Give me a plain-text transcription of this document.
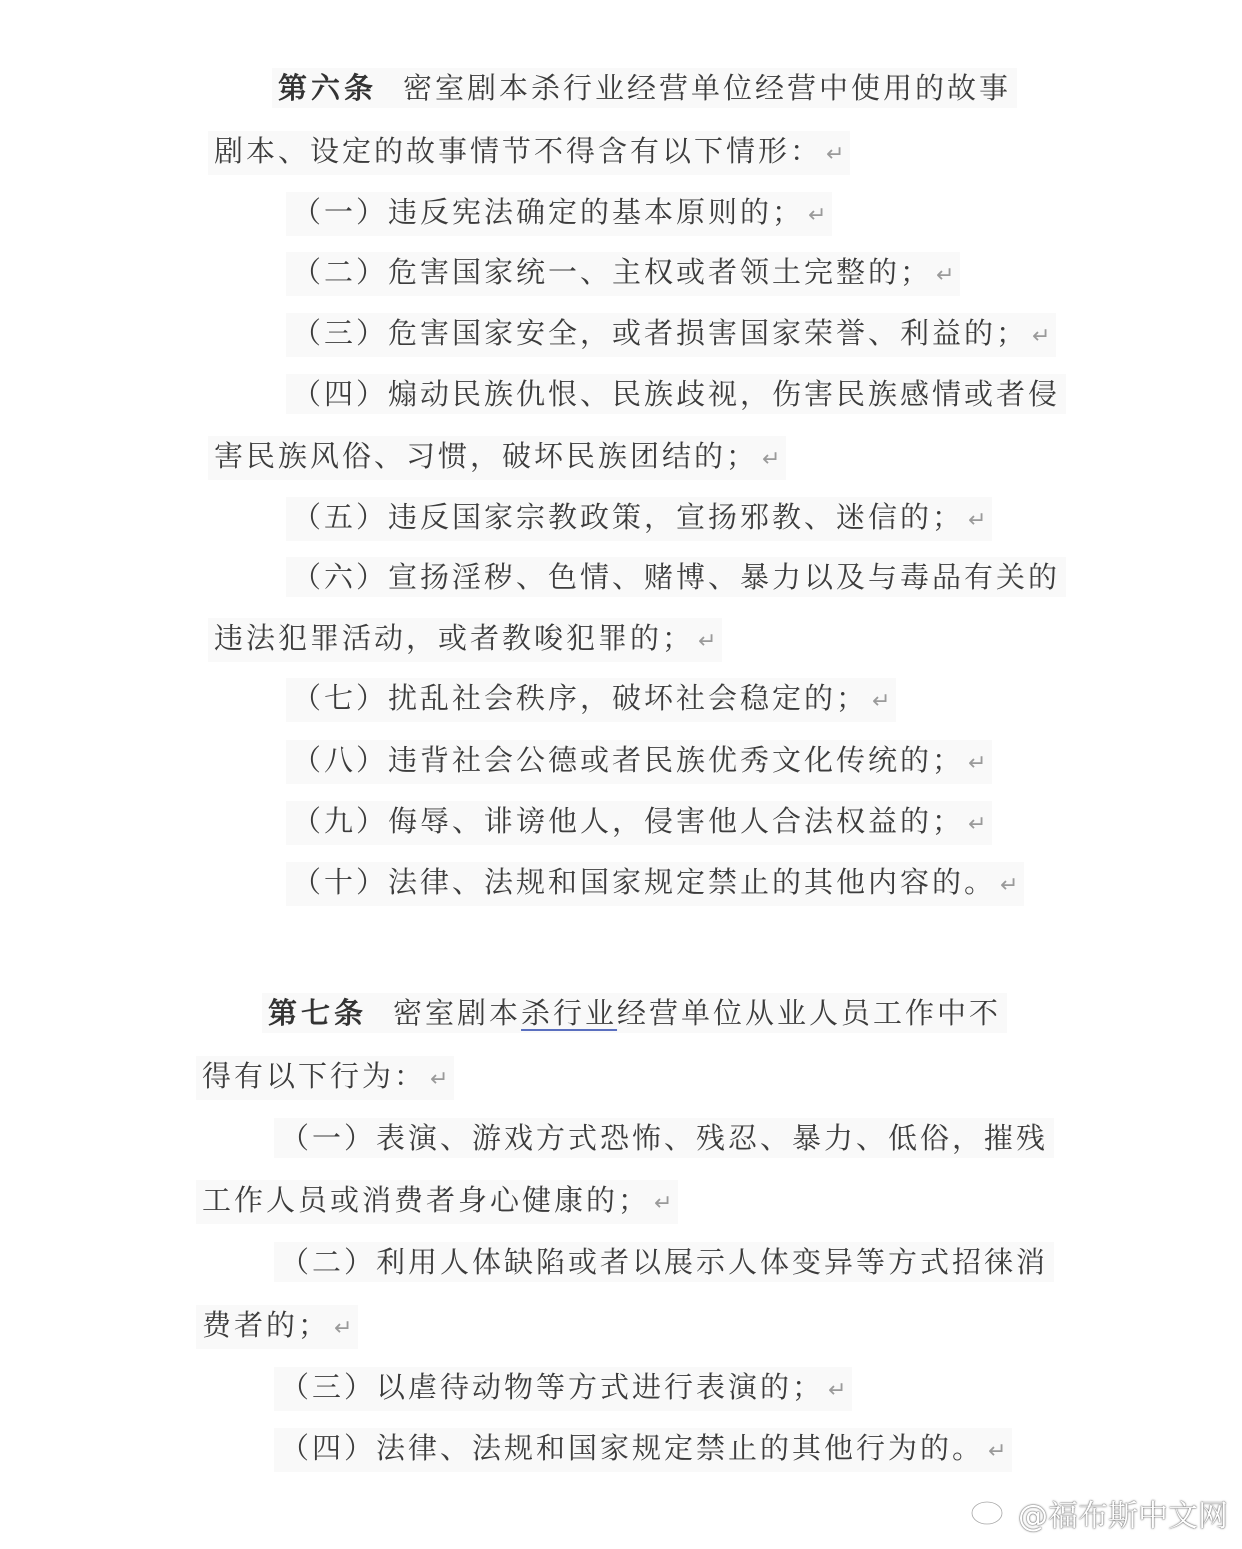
第六条 密室剧本杀行业经营单位经营中使用的故事
剧本、设定的故事情节不得含有以下情形： ↵
（一）违反宪法确定的基本原则的； ↵
（二）危害国家统一、主权或者领土完整的； ↵
（三）危害国家安全，或者损害国家荣誉、利益的； ↵
（四）煽动民族仇恨、民族歧视，伤害民族感情或者侵
害民族风俗、习惯，破坏民族团结的； ↵
（五）违反国家宗教政策，宣扬邪教、迷信的； ↵
（六）宣扬淫秽、色情、赌博、暴力以及与毒品有关的
违法犯罪活动，或者教唆犯罪的； ↵
（七）扰乱社会秩序，破坏社会稳定的； ↵
（八）违背社会公德或者民族优秀文化传统的； ↵
（九）侮辱、诽谤他人，侵害他人合法权益的； ↵
（十）法律、法规和国家规定禁止的其他内容的。 ↵
第七条 密室剧本杀行业经营单位从业人员工作中不
得有以下行为： ↵
（一）表演、游戏方式恐怖、残忍、暴力、低俗，摧残
工作人员或消费者身心健康的； ↵
（二）利用人体缺陷或者以展示人体变异等方式招徕消
费者的； ↵
（三）以虐待动物等方式进行表演的； ↵
（四）法律、法规和国家规定禁止的其他行为的。 ↵
@福布斯中文网
